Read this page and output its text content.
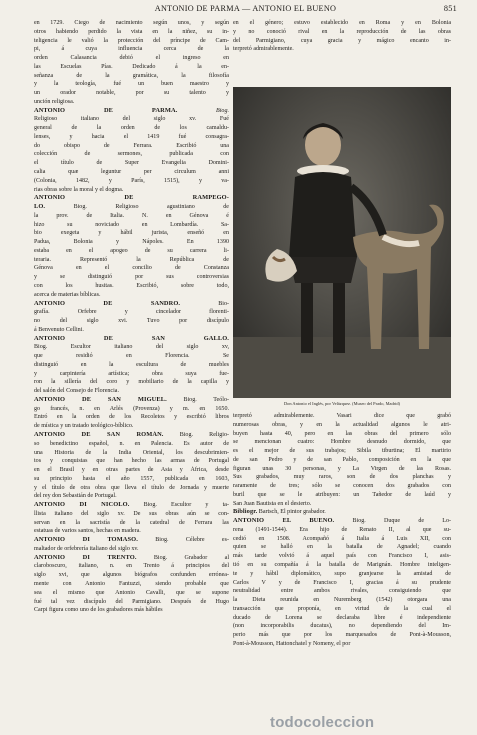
ANTONIO DE PARMA — ANTONIO EL BUENO	851
en 1729. Ciego de nacimiento según unos, y según
otros habiendo perdido la vista en la niñez, su in-
teligencia le valió la protección del príncipe de Cam-
pi, á cuya influencia cerca de la
orden Calasancia debió el ingreso en
las Escuelas Pías. Dedicado á la en-
señanza de la gramática, la filosofía
y la teología, fué un buen maestro y
un orador notable, por su talento y
unción religiosa.
ANTONIO DE PARMA. Biog.
Religioso italiano del siglo xv. Fué
general de la orden de los camaldu-
lenses, y hacia el 1419 fué consagra-
do obispo de Ferrara. Escribió una
colección de sermones, publicada con
el título de Super Evangelia Domini-
calia quæ leguntur per circulum anni
(Colonia, 1482, y París, 1515), y va-
rias obras sobre la moral y el dogma.
ANTONIO DE RAMPEGO-
LO. Biog. Religioso agustiniano de
la prov. de Italia. N. en Génova é
hizo su noviciado en Lombardía. Sa-
bio exegeta y hábil jurista, enseñó en
Padua, Bolonia y Nápoles. En 1390
estaba en el apogeo de su carrera li-
teraria. Representó la República de
Génova en el concilio de Constanza
y se distinguió por sus controversias
con los husitas. Escribió, sobre todo,
acerca de materias bíblicas.
ANTONIO DE SANDRO. Bio-
grafía. Orfebre y cincelador florenti-
no del siglo xvi. Tuvo por discípulo
á Benvenuto Cellini.
ANTONIO DE SAN GALLO.
Biog. Escultor italiano del siglo xv,
que residió en Florencia. Se
distinguió en la escultura de muebles
y carpintería artística; obra suya fue-
ron la sillería del coro y mobiliario de la capilla y
del salón del Consejo de Florencia.
ANTONIO DE SAN MIGUEL. Biog. Teólo-
go francés, n. en Arlés (Provenza) y m. en 1650.
Entró en la orden de los Recoletos y escribió libros
de mística y un tratado teológico-bíblico.
ANTONIO DE SAN ROMÁN. Biog. Religio-
so benedictino español, n. en Palencia. Es autor de
una Historia de la India Oriental, los descubrimien-
tos y conquistas que han hecho las armas de Portugal
en el Brasil y en otras partes de Asia y África, desde
su principio hasta el año 1557, publicada en 1603,
y el título de otra obra que lleva el título de Jornada y muerte
del rey don Sebastián de Portugal.
ANTONIO DI NICOLO. Biog. Escultor y ta-
llista italiano del siglo xv. De sus obras aún se con-
servan en la sacristía de la catedral de Ferrara las
estatuas de varios santos, hechas en madera.
ANTONIO DI TOMASO. Biog. Célebre es-
maltador de orfebrería italiano del siglo xv.
ANTONIO DI TRENTO. Biog. Grabador al
claroboscuro, italiano, n. en Trento á principios del
siglo xvi, que algunos biógrafos confunden errónea-
mente con Antonio Fantuzzi, siendo probable que
sea el mismo que Antonio Cavalli, que se supone
fué tal vez discípulo del Parmigiano. Después de Hugo
Carpi figura como uno de los grabadores más hábiles
en el género; estuvo establecido en Roma y en Bolonia
y no conoció rival en la reproducción de las obras
del Parmigiano, cuya gracia y mágico encanto in-
terpretó admirablemente.
Don Antonio el Inglés, por Velázquez. (Museo del Prado, Madrid)
terpretó admirablemente. Vasari dice que grabó
numerosas obras, y en la actualidad algunos le atri-
buyen hasta 40, pero en las obras del primero sólo
se mencionan cuatro: Hombre desnudo dormido, que
es el mejor de sus trabajos; Sibila tiburtina; El martirio
de san Pedro y de san Pablo, composición en la que
figuran unas 30 personas, y La Virgen de las Rosas.
Sus grabados, muy raros, son de dos planchas y
raramente de tres; sólo se conocen dos grabados con
buril que se le atribuyen: un Tañedor de laúd y
San Juan Bautista en el desierto.
Bibliogr. Bartsch, El pintor grabador.
ANTONIO EL BUENO. Biog. Duque de Lo-
rena (1491-1544). Era hijo de Renato II, al que su-
cedió en 1508. Acompañó á Italia á Luis XII, con
quien se halló en la batalla de Agnadel; cuando
más tarde volvió á aquel país con Francisco I, asis-
tió en su compañía á la batalla de Marignán. Hombre inteligen-
te y hábil diplomático, supo granjearse la amistad de
Carlos V y de Francisco I, gracias á su prudente
neutralidad entre ambos rivales, consiguiendo que
la Dieta reunida en Nuremberg (1542) otorgara una
transacción que proponía, en virtud de la cual el
ducado de Lorena se declaraba libre é independiente
(non incorporabilis ducatus), no dependiendo del Im-
perio más que por los marquesados de Pont-à-Mousson,
Pont-à-Mousson, Hattonchatel y Nomeny, el por
todocoleccion
